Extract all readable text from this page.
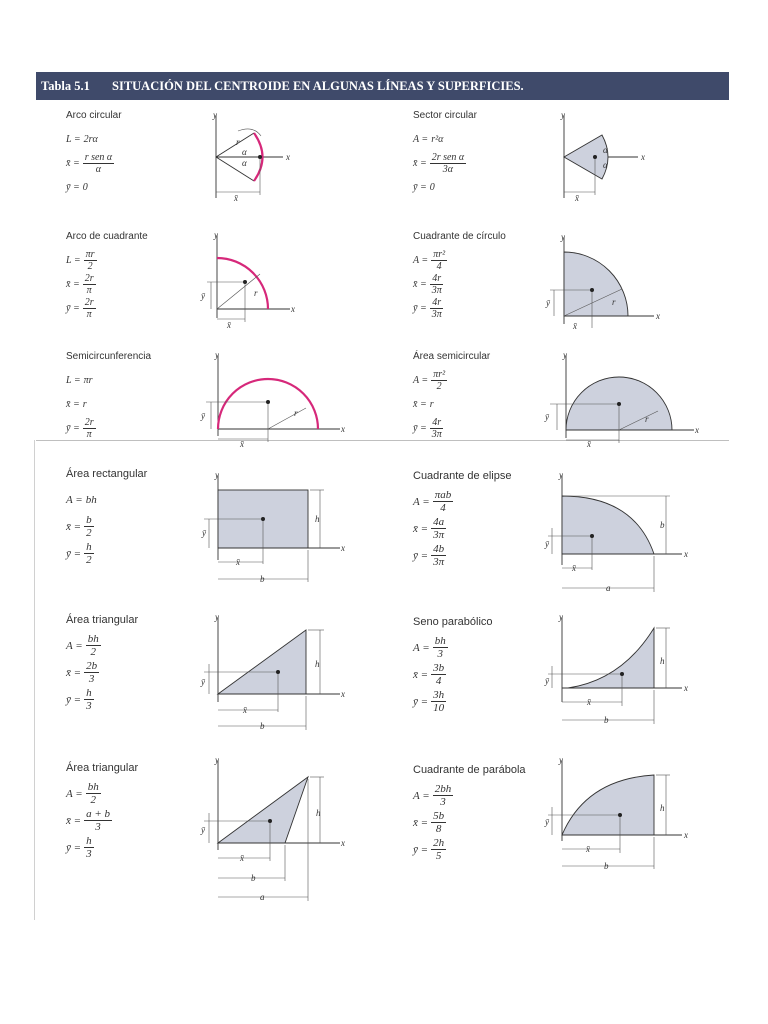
Tabla 5.1 SITUACIÓN DEL CENTROIDE EN ALGUNAS LÍNEAS Y SUPERFICIES.
Arco circular
L = 2rα
x̄ = $\frac{\text{r sen α}}{\alpha}$
ȳ = 0
Sector circular
A = r²α
x̄ = $\frac{\text{2r sen α}}{3\alpha}$
ȳ = 0
Arco de cuadrante
$L = \frac{\pi r}{2}$
x̄ = $\frac{2r}{\pi}$
ȳ = $\frac{2r}{\pi}$
Cuadrante de círculo
$A = \frac{\text{πr²}}{4}$
x̄ = $\frac{4r}{3\pi}$
ȳ = $\frac{4r}{3\pi}$
Semicircunferencia
L = πr
x̄ = r
ȳ = $\frac{2r}{\pi}$
Área semicircular
$A = \frac{\text{πr²}}{2}$
x̄ = r
ȳ = $\frac{4r}{3\pi}$
Área rectangular
A = bh
x̄ = $\frac{b}{2}$
ȳ = $\frac{h}{2}$
Cuadrante de elipse
$A = \frac{\text{πab}}{4}$
x̄ = $\frac{4a}{3\pi}$
ȳ = $\frac{4b}{3\pi}$
Área triangular
$A = \frac{bh}{2}$
x̄ = $\frac{2b}{3}$
ȳ = $\frac{h}{3}$
Seno parabólico
$A = \frac{bh}{3}$
x̄ = $\frac{3b}{4}$
ȳ = $\frac{3h}{10}$
Área triangular
$A = \frac{bh}{2}$
x̄ = $\frac{a + b}{3}$
ȳ = $\frac{h}{3}$
Cuadrante de parábola
$A = \frac{2bh}{3}$
x̄ = $\frac{5b}{8}$
ȳ = $\frac{2h}{5}$
y
x
r
α
α
x̄
y
x
α
α
x̄
y
x
r
ȳ
x̄
y
x
r
ȳ
x̄
y
x
r
ȳ
x̄
y
x
r
ȳ
x̄
y
x
h
ȳ
x̄
b
y
x
b
ȳ
x̄
a
y
x
h
ȳ
x̄
b
y
x
h
ȳ
x̄
b
y
x
h
ȳ
x̄
b
a
y
x
h
ȳ
x̄
b
